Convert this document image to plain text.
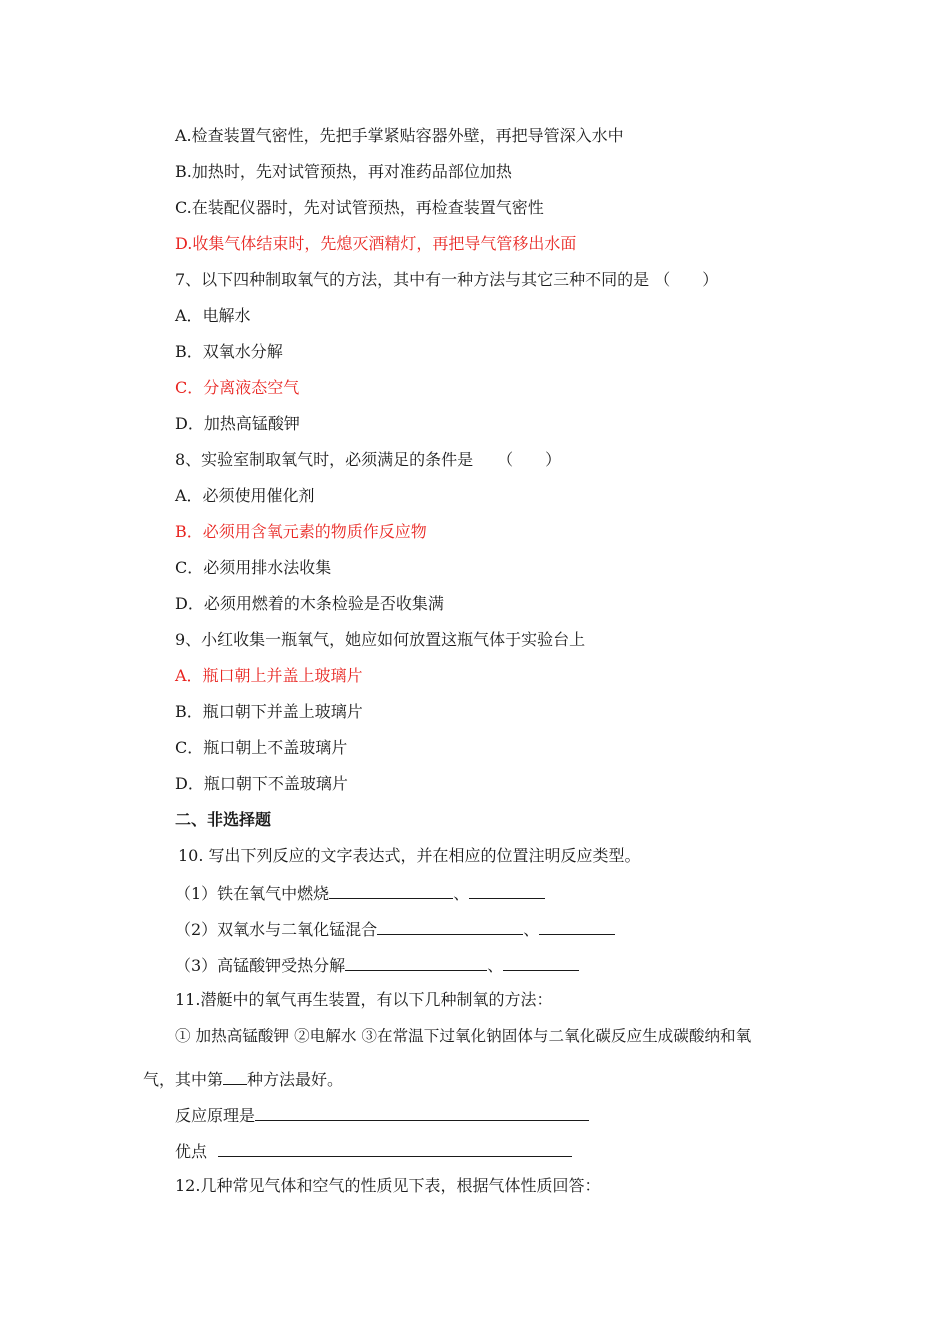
A.检查装置气密性，先把手掌紧贴容器外壁，再把导管深入水中
B.加热时，先对试管预热，再对准药品部位加热
C.在装配仪器时，先对试管预热，再检查装置气密性
D.收集气体结束时，先熄灭酒精灯，再把导气管移出水面
7、以下四种制取氧气的方法，其中有一种方法与其它三种不同的是 （　　）
A．电解水
B．双氧水分解
C．分离液态空气
D．加热高锰酸钾
8、实验室制取氧气时，必须满足的条件是　　（　　）
A．必须使用催化剂
B．必须用含氧元素的物质作反应物
C．必须用排水法收集
D．必须用燃着的木条检验是否收集满
9、小红收集一瓶氧气，她应如何放置这瓶气体于实验台上
A．瓶口朝上并盖上玻璃片
B．瓶口朝下并盖上玻璃片
C．瓶口朝上不盖玻璃片
D．瓶口朝下不盖玻璃片
二、非选择题
10. 写出下列反应的文字表达式，并在相应的位置注明反应类型。
（1）铁在氧气中燃烧	、
（2）双氧水与二氧化锰混合	、
（3）高锰酸钾受热分解	、
11.潜艇中的氧气再生装置，有以下几种制氧的方法：
① 加热高锰酸钾 ②电解水 ③在常温下过氧化钠固体与二氧化碳反应生成碳酸纳和氧
气，其中第 种方法最好。
反应原理是
优点
12.几种常见气体和空气的性质见下表，根据气体性质回答：
